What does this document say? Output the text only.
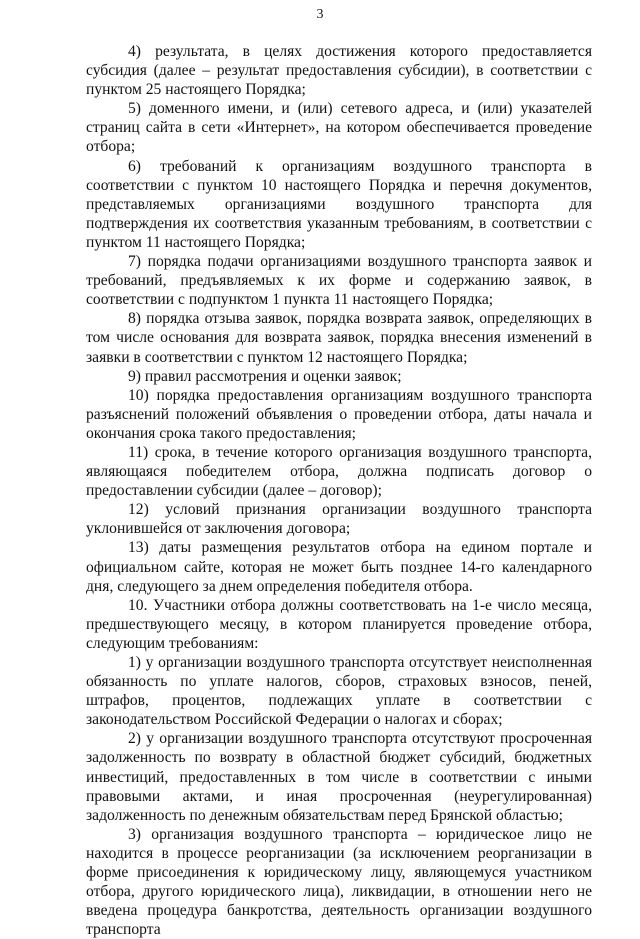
3

4) результата, в целях достижения которого предоставляется субсидия (далее – результат предоставления субсидии), в соответствии с пунктом 25 настоящего Порядка;

5) доменного имени, и (или) сетевого адреса, и (или) указателей страниц сайта в сети «Интернет», на котором обеспечивается проведение отбора;

6) требований к организациям воздушного транспорта в соответствии с пунктом 10 настоящего Порядка и перечня документов, представляемых организациями воздушного транспорта для подтверждения их соответствия указанным требованиям, в соответствии с пунктом 11 настоящего Порядка;

7) порядка подачи организациями воздушного транспорта заявок и требований, предъявляемых к их форме и содержанию заявок, в соответствии с подпунктом 1 пункта 11 настоящего Порядка;

8) порядка отзыва заявок, порядка возврата заявок, определяющих в том числе основания для возврата заявок, порядка внесения изменений в заявки в соответствии с пунктом 12 настоящего Порядка;

9) правил рассмотрения и оценки заявок;

10) порядка предоставления организациям воздушного транспорта разъяснений положений объявления о проведении отбора, даты начала и окончания срока такого предоставления;

11) срока, в течение которого организация воздушного транспорта, являющаяся победителем отбора, должна подписать договор о предоставлении субсидии (далее – договор);

12) условий признания организации воздушного транспорта уклонившейся от заключения договора;

13) даты размещения результатов отбора на едином портале и официальном сайте, которая не может быть позднее 14-го календарного дня, следующего за днем определения победителя отбора.

10. Участники отбора должны соответствовать на 1-е число месяца, предшествующего месяцу, в котором планируется проведение отбора, следующим требованиям:

1) у организации воздушного транспорта отсутствует неисполненная обязанность по уплате налогов, сборов, страховых взносов, пеней, штрафов, процентов, подлежащих уплате в соответствии с законодательством Российской Федерации о налогах и сборах;

2) у организации воздушного транспорта отсутствуют просроченная задолженность по возврату в областной бюджет субсидий, бюджетных инвестиций, предоставленных в том числе в соответствии с иными правовыми актами, и иная просроченная (неурегулированная) задолженность по денежным обязательствам перед Брянской областью;

3) организация воздушного транспорта – юридическое лицо не находится в процессе реорганизации (за исключением реорганизации в форме присоединения к юридическому лицу, являющемуся участником отбора, другого юридического лица), ликвидации, в отношении него не введена процедура банкротства, деятельность организации воздушного транспорта
